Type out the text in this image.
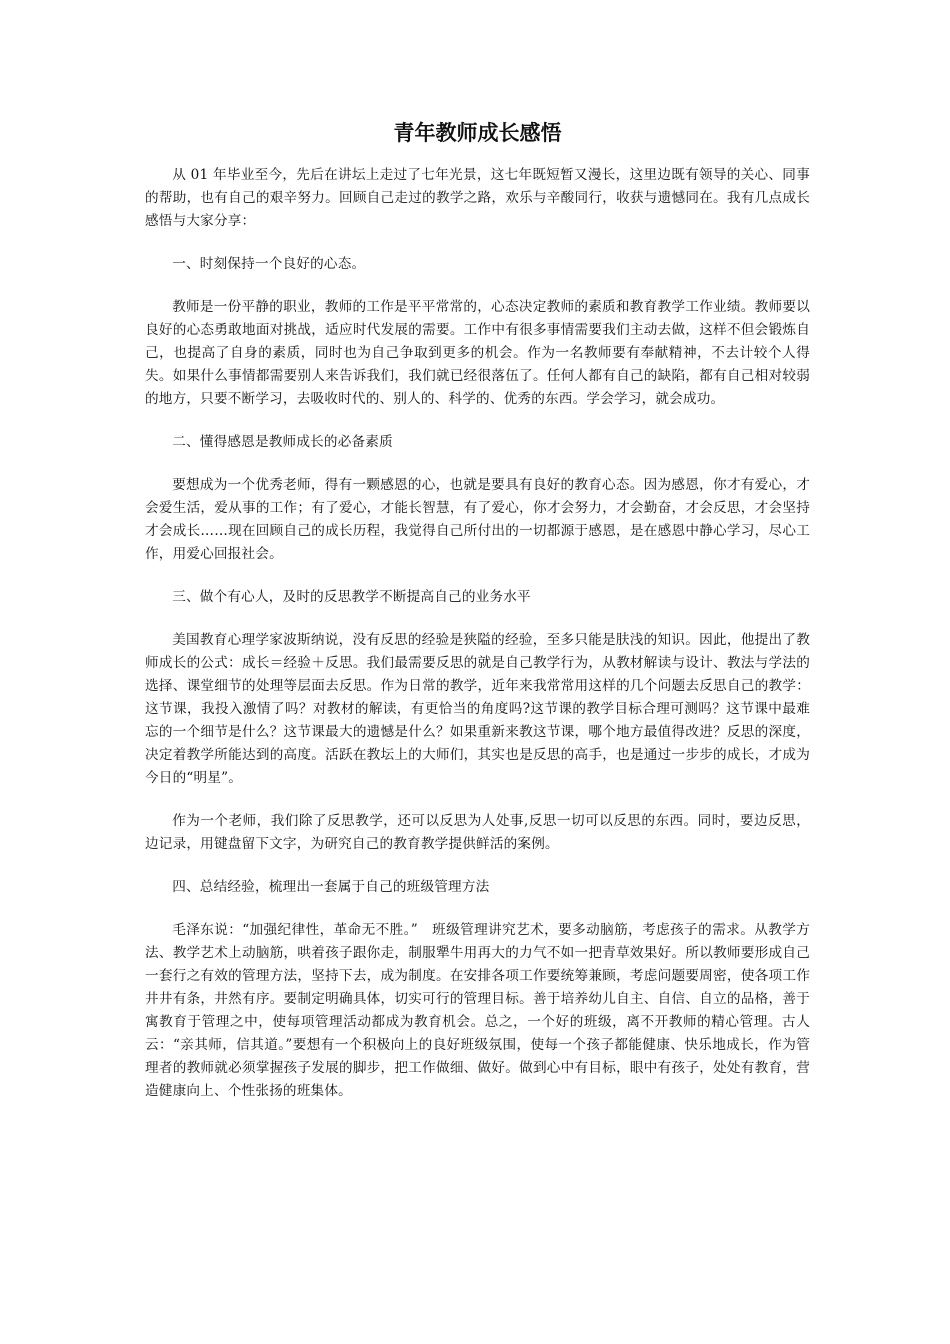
青年教师成长感悟

从 01 年毕业至今，先后在讲坛上走过了七年光景，这七年既短暂又漫长，这里边既有领导的关心、同事的帮助，也有自己的艰辛努力。回顾自己走过的教学之路，欢乐与辛酸同行，收获与遗憾同在。我有几点成长感悟与大家分享：

一、时刻保持一个良好的心态。

教师是一份平静的职业，教师的工作是平平常常的，心态决定教师的素质和教育教学工作业绩。教师要以良好的心态勇敢地面对挑战，适应时代发展的需要。工作中有很多事情需要我们主动去做，这样不但会锻炼自己，也提高了自身的素质，同时也为自己争取到更多的机会。作为一名教师要有奉献精神，不去计较个人得失。如果什么事情都需要别人来告诉我们，我们就已经很落伍了。任何人都有自己的缺陷，都有自己相对较弱的地方，只要不断学习，去吸收时代的、别人的、科学的、优秀的东西。学会学习，就会成功。

二、懂得感恩是教师成长的必备素质

要想成为一个优秀老师，得有一颗感恩的心，也就是要具有良好的教育心态。因为感恩，你才有爱心，才会爱生活，爱从事的工作；有了爱心，才能长智慧，有了爱心，你才会努力，才会勤奋，才会反思，才会坚持才会成长……现在回顾自己的成长历程，我觉得自己所付出的一切都源于感恩，是在感恩中静心学习，尽心工作，用爱心回报社会。

三、做个有心人，及时的反思教学不断提高自己的业务水平

美国教育心理学家波斯纳说，没有反思的经验是狭隘的经验，至多只能是肤浅的知识。因此，他提出了教师成长的公式：成长＝经验＋反思。我们最需要反思的就是自己教学行为，从教材解读与设计、教法与学法的选择、课堂细节的处理等层面去反思。作为日常的教学，近年来我常常用这样的几个问题去反思自己的教学：这节课，我投入激情了吗？对教材的解读，有更恰当的角度吗?这节课的教学目标合理可测吗？这节课中最难忘的一个细节是什么？这节课最大的遗憾是什么？如果重新来教这节课，哪个地方最值得改进？反思的深度，决定着教学所能达到的高度。活跃在教坛上的大师们，其实也是反思的高手，也是通过一步步的成长，才成为今日的“明星”。

作为一个老师，我们除了反思教学，还可以反思为人处事,反思一切可以反思的东西。同时，要边反思，边记录，用键盘留下文字，为研究自己的教育教学提供鲜活的案例。

四、总结经验，梳理出一套属于自己的班级管理方法

毛泽东说：“加强纪律性，革命无不胜。”　班级管理讲究艺术，要多动脑筋，考虑孩子的需求。从教学方法、教学艺术上动脑筋，哄着孩子跟你走，制服犟牛用再大的力气不如一把青草效果好。所以教师要形成自己一套行之有效的管理方法，坚持下去，成为制度。在安排各项工作要统筹兼顾，考虑问题要周密，使各项工作井井有条，井然有序。要制定明确具体，切实可行的管理目标。善于培养幼儿自主、自信、自立的品格，善于寓教育于管理之中，使每项管理活动都成为教育机会。总之，一个好的班级，离不开教师的精心管理。古人云：“亲其师，信其道。”要想有一个积极向上的良好班级氛围，使每一个孩子都能健康、快乐地成长，作为管理者的教师就必须掌握孩子发展的脚步，把工作做细、做好。做到心中有目标，眼中有孩子，处处有教育，营造健康向上、个性张扬的班集体。
